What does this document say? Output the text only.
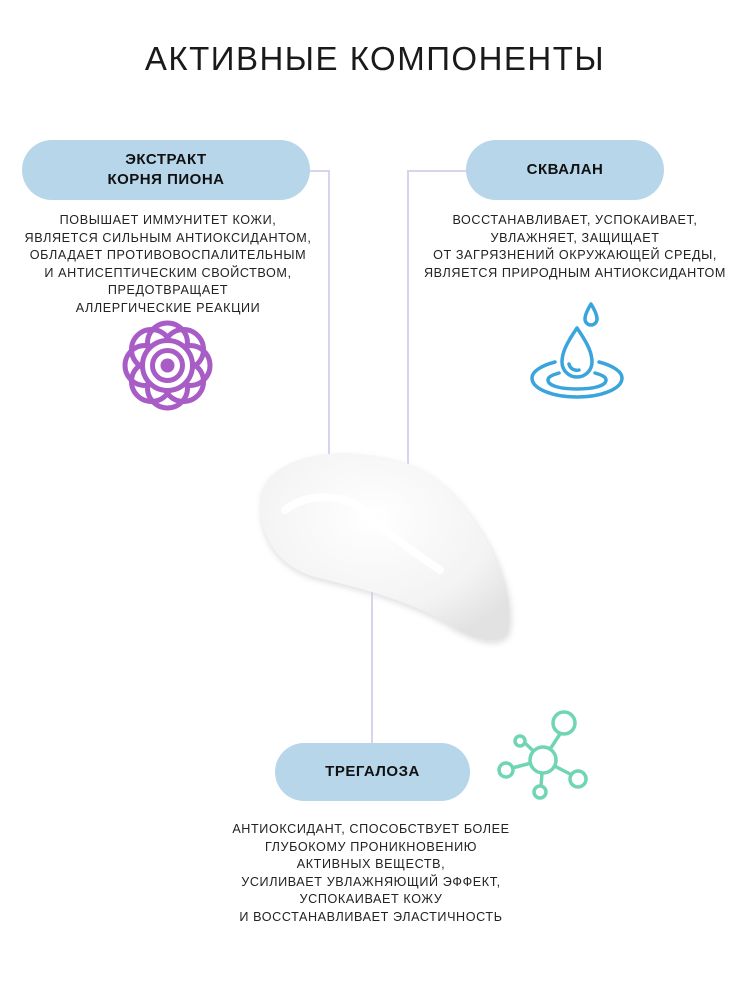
АКТИВНЫЕ КОМПОНЕНТЫ
ЭКСТРАКТ
КОРНЯ ПИОНА
ПОВЫШАЕТ ИММУНИТЕТ КОЖИ,
ЯВЛЯЕТСЯ СИЛЬНЫМ АНТИОКСИДАНТОМ,
ОБЛАДАЕТ ПРОТИВОВОСПАЛИТЕЛЬНЫМ
И АНТИСЕПТИЧЕСКИМ СВОЙСТВОМ,
ПРЕДОТВРАЩАЕТ
АЛЛЕРГИЧЕСКИЕ РЕАКЦИИ
СКВАЛАН
ВОССТАНАВЛИВАЕТ, УСПОКАИВАЕТ,
УВЛАЖНЯЕТ, ЗАЩИЩАЕТ
ОТ ЗАГРЯЗНЕНИЙ ОКРУЖАЮЩЕЙ СРЕДЫ,
ЯВЛЯЕТСЯ ПРИРОДНЫМ АНТИОКСИДАНТОМ
ТРЕГАЛОЗА
АНТИОКСИДАНТ, СПОСОБСТВУЕТ БОЛЕЕ
ГЛУБОКОМУ ПРОНИКНОВЕНИЮ
АКТИВНЫХ ВЕЩЕСТВ,
УСИЛИВАЕТ УВЛАЖНЯЮЩИЙ ЭФФЕКТ,
УСПОКАИВАЕТ КОЖУ
И ВОССТАНАВЛИВАЕТ ЭЛАСТИЧНОСТЬ
